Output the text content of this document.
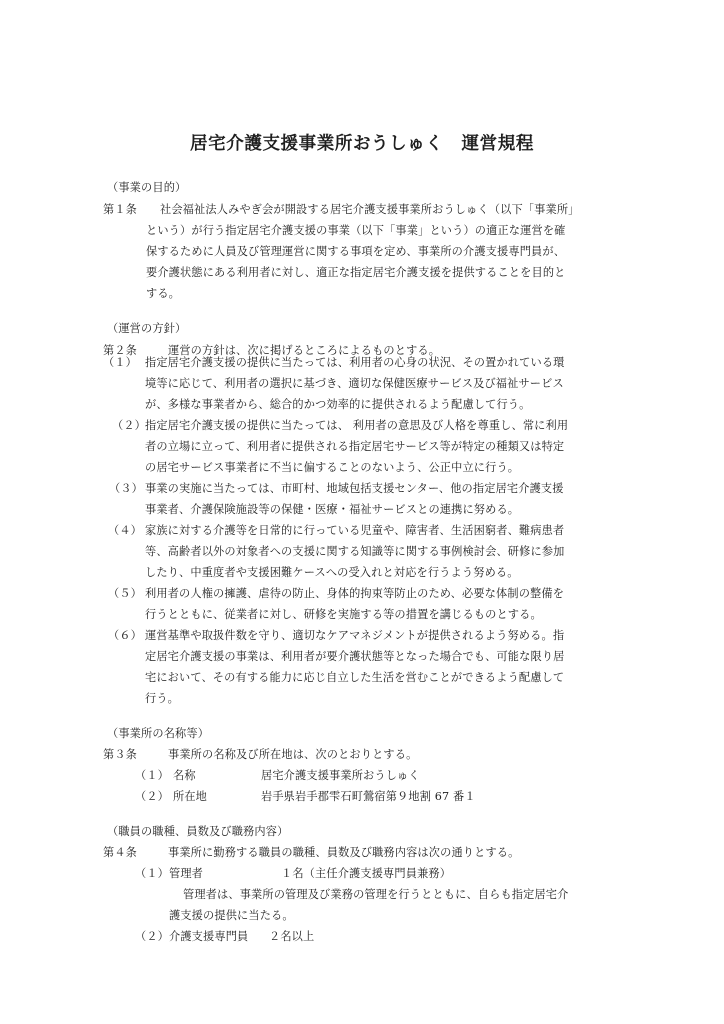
居宅介護支援事業所おうしゅく　運営規程
（事業の目的）
第１条 社会福祉法人みやぎ会が開設する居宅介護支援事業所おうしゅく（以下「事業所」
という）が行う指定居宅介護支援の事業（以下「事業」という）の適正な運営を確
保するために人員及び管理運営に関する事項を定め、事業所の介護支援専門員が、
要介護状態にある利用者に対し、適正な指定居宅介護支援を提供することを目的と
する。
（運営の方針）
第２条	運営の方針は、次に掲げるところによるものとする。
（１） 指定居宅介護支援の提供に当たっては、利用者の心身の状況、その置かれている環
境等に応じて、利用者の選択に基づき、適切な保健医療サービス及び福祉サービス
が、多様な事業者から、総合的かつ効率的に提供されるよう配慮して行う。
（２）
指定居宅介護支援の提供に当たっては、 利用者の意思及び人格を尊重し、常に利用
者の立場に立って、利用者に提供される指定居宅サービス等が特定の種類又は特定
の居宅サービス事業者に不当に偏することのないよう、公正中立に行う。
（３） 事業の実施に当たっては、市町村、地域包括支援センター、他の指定居宅介護支援
事業者、介護保険施設等の保健・医療・福祉サービスとの連携に努める。
（４） 家族に対する介護等を日常的に行っている児童や、障害者、生活困窮者、難病患者
等、高齢者以外の対象者への支援に関する知識等に関する事例検討会、研修に参加
したり、中重度者や支援困難ケースへの受入れと対応を行うよう努める。
（５） 利用者の人権の擁護、虐待の防止、身体的拘束等防止のため、必要な体制の整備を
行うとともに、従業者に対し、研修を実施する等の措置を講じるものとする。
（６） 運営基準や取扱件数を守り、適切なケアマネジメントが提供されるよう努める。指
定居宅介護支援の事業は、利用者が要介護状態等となった場合でも、可能な限り居
宅において、その有する能力に応じ自立した生活を営むことができるよう配慮して
行う。
（事業所の名称等）
第３条	事業所の名称及び所在地は、次のとおりとする。
（１） 名称	居宅介護支援事業所おうしゅく
（２） 所在地	岩手県岩手郡雫石町鶯宿第９地割 67 番１
（職員の職種、員数及び職務内容）
第４条	事業所に勤務する職員の職種、員数及び職務内容は次の通りとする。
（１） 管理者	１名（主任介護支援専門員兼務）
管理者は、事業所の管理及び業務の管理を行うとともに、自らも指定居宅介
護支援の提供に当たる。
（２） 介護支援専門員 ２名以上
